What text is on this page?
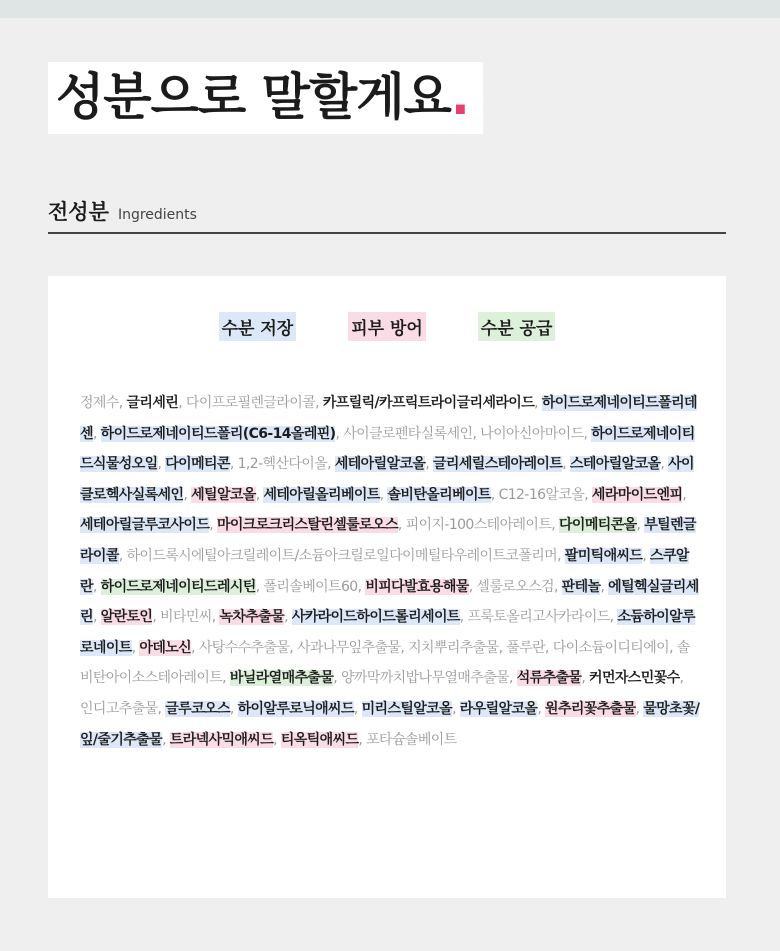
성분으로 말할게요.
전성분 Ingredients
수분 저장	피부 방어	수분 공급
정제수, 글리세린, 다이프로필렌글라이콜, 카프릴릭/카프릭트라이글리세라이드, 하이드로제네이티드폴리데센, 하이드로제네이티드폴리(C6-14올레핀), 사이클로펜타실록세인, 나이아신아마이드, 하이드로제네이티드식물성오일, 다이메티콘, 1,2-헥산다이올, 세테아릴알코올, 글리세릴스테아레이트, 스테아릴알코올, 사이클로헥사실록세인, 세틸알코올, 세테아릴올리베이트, 솔비탄올리베이트, C12-16알코올, 세라마이드엔피, 세테아릴글루코사이드, 마이크로크리스탈린셀룰로오스, 피이지-100스테아레이트, 다이메티콘올, 부틸렌글라이콜, 하이드록시에틸아크릴레이트/소듐아크릴로일다이메틸타우레이트코폴리머, 팔미틱애씨드, 스쿠알란, 하이드로제네이티드레시틴, 폴리솔베이트60, 비피다발효용해물, 셀룰로오스검, 판테놀, 에틸헥실글리세린, 알란토인, 비타민씨, 녹차추출물, 사카라이드하이드롤리세이트, 프룩토올리고사카라이드, 소듐하이알루로네이트, 아데노신, 사탕수수추출물, 사과나무잎추출물, 지치뿌리추출물, 풀루란, 다이소듐이디티에이, 솔비탄아이소스테아레이트, 바닐라열매추출물, 양까막까치밥나무열매추출물, 석류추출물, 커먼자스민꽃수, 인디고추출물, 글루코오스, 하이알루로닉애씨드, 미리스틸알코올, 라우릴알코올, 원추리꽃추출물, 물망초꽃/잎/줄기추출물, 트라넥사믹애씨드, 티옥틱애씨드, 포타슘솔베이트
